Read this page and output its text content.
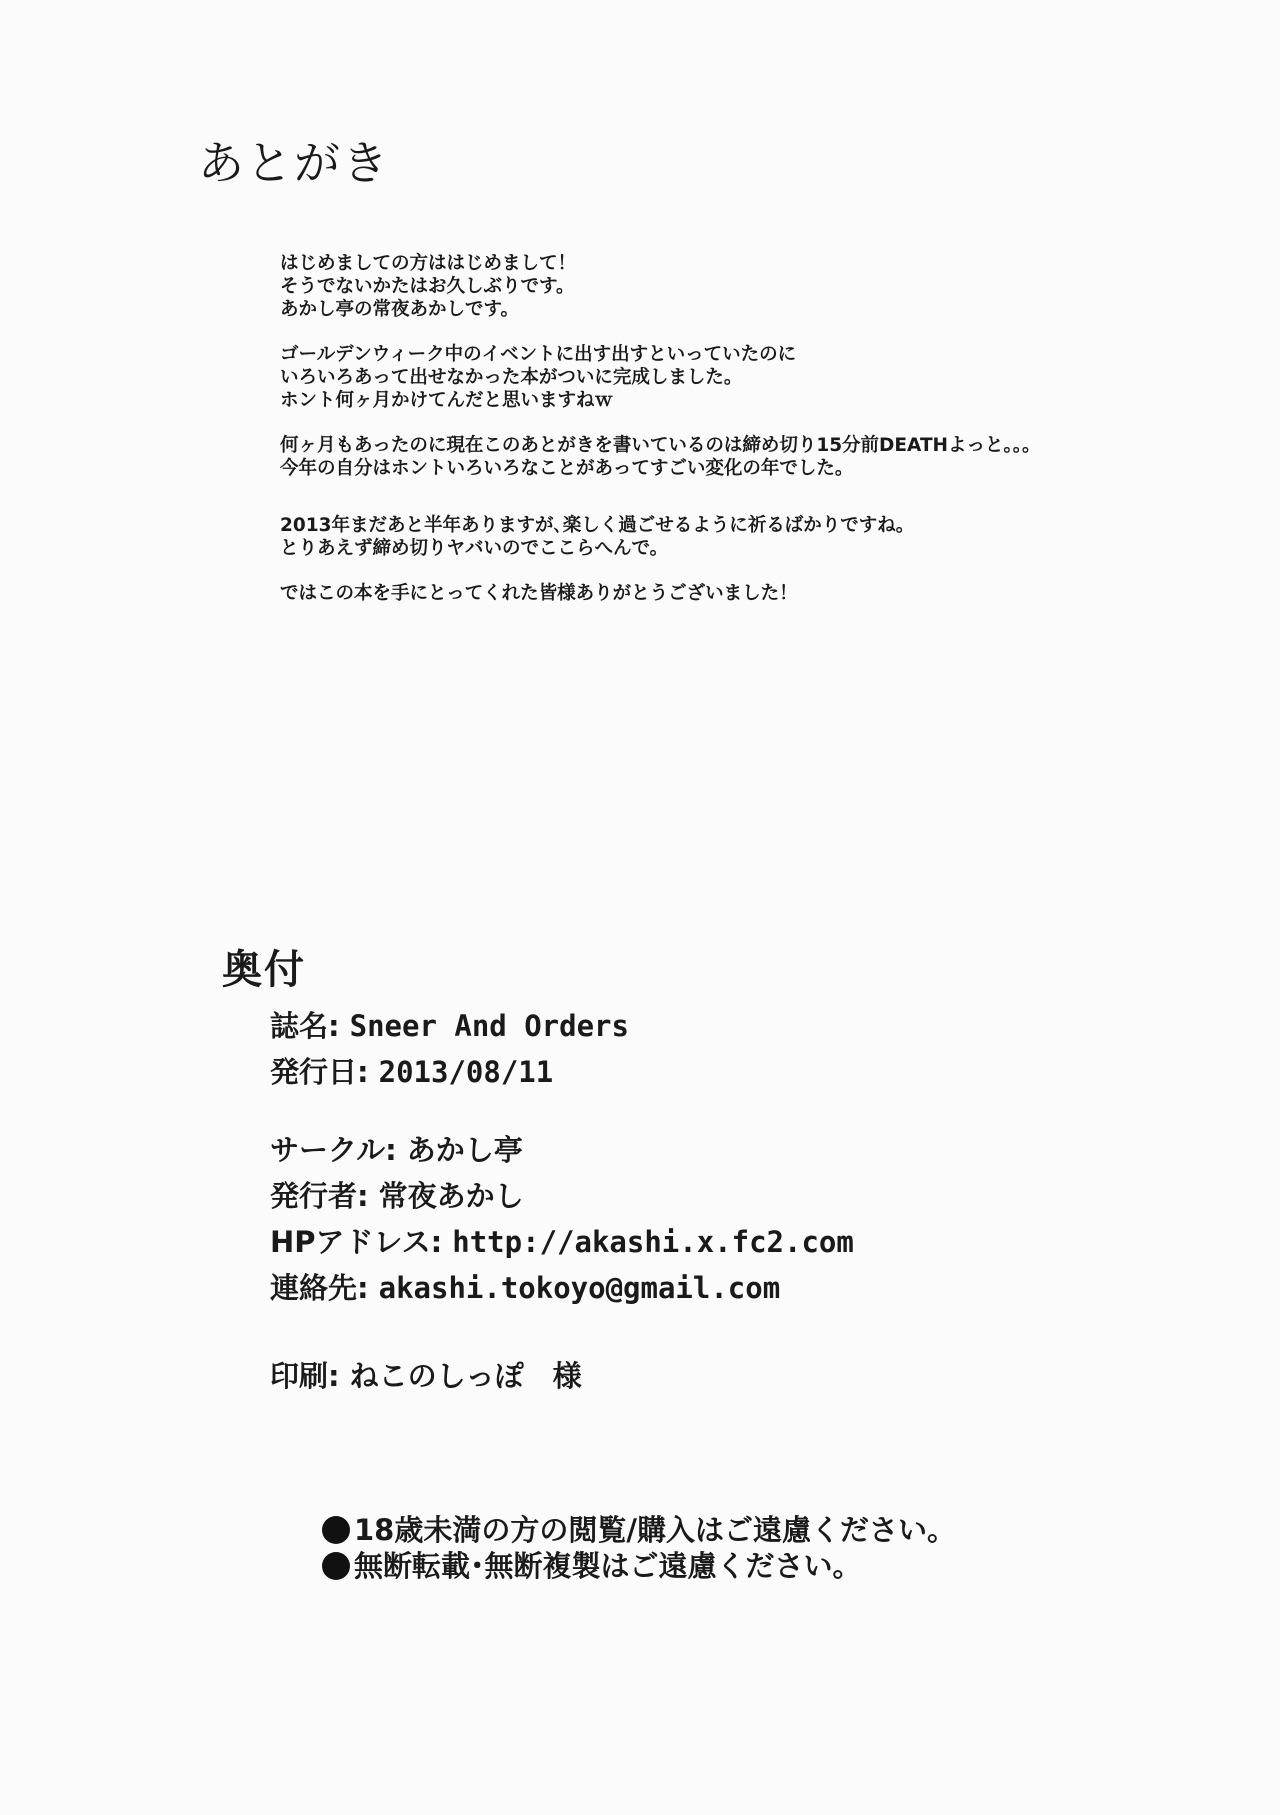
あとがき

はじめましての方ははじめまして！
そうでないかたはお久しぶりです。
あかし亭の常夜あかしです。

ゴールデンウィーク中のイベントに出す出すといっていたのに
いろいろあって出せなかった本がついに完成しました。
ホント何ヶ月かけてんだと思いますねｗ

何ヶ月もあったのに現在このあとがきを書いているのは締め切り15分前DEATHよっと。。。
今年の自分はホントいろいろなことがあってすごい変化の年でした。

2013年まだあと半年ありますが､楽しく過ごせるように祈るばかりですね。
とりあえず締め切りヤバいのでここらへんで。

ではこの本を手にとってくれた皆様ありがとうございました！

奥付
誌名: Sneer And Orders
発行日: 2013/08/11
サークル: あかし亭
発行者: 常夜あかし
HPアドレス: http://akashi.x.fc2.com
連絡先: akashi.tokoyo@gmail.com
印刷: ねこのしっぽ　様
18歳未満の方の閲覧/購入はご遠慮ください。
無断転載･無断複製はご遠慮ください。
